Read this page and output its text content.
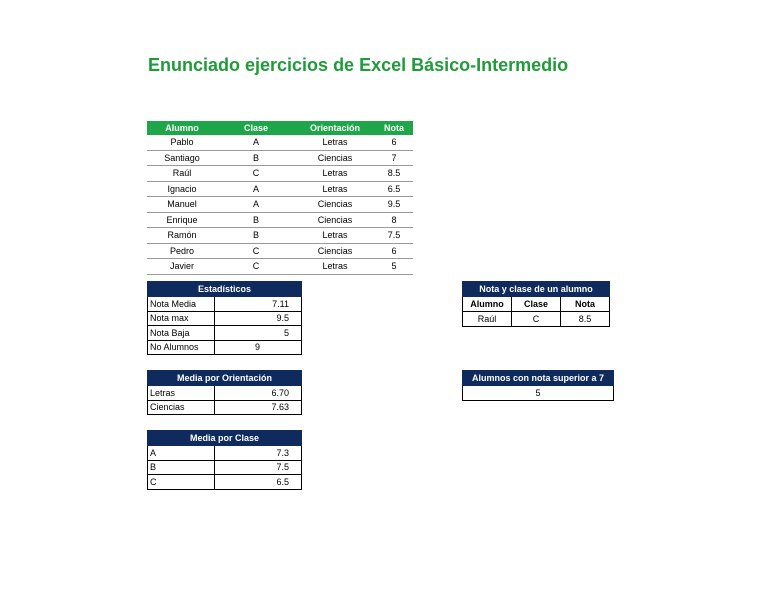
Enunciado ejercicios de Excel Básico-Intermedio
Alumno	Clase	Orientación	Nota
Pablo	A	Letras	6
Santiago	B	Ciencias	7
Raúl	C	Letras	8.5
Ignacio	A	Letras	6.5
Manuel	A	Ciencias	9.5
Enrique	B	Ciencias	8
Ramón	B	Letras	7.5
Pedro	C	Ciencias	6
Javier	C	Letras	5
Estadísticos	
Nota Media	7.11
Nota max	9.5
Nota Baja	5
No Alumnos	9
Media por Orientación	
Letras	6.70
Ciencias	7.63
Media por Clase	
A	7.3
B	7.5
C	6.5
Nota y clase de un alumno		
Alumno	Clase	Nota
Raúl	C	8.5
Alumnos con nota superior a 7
5
